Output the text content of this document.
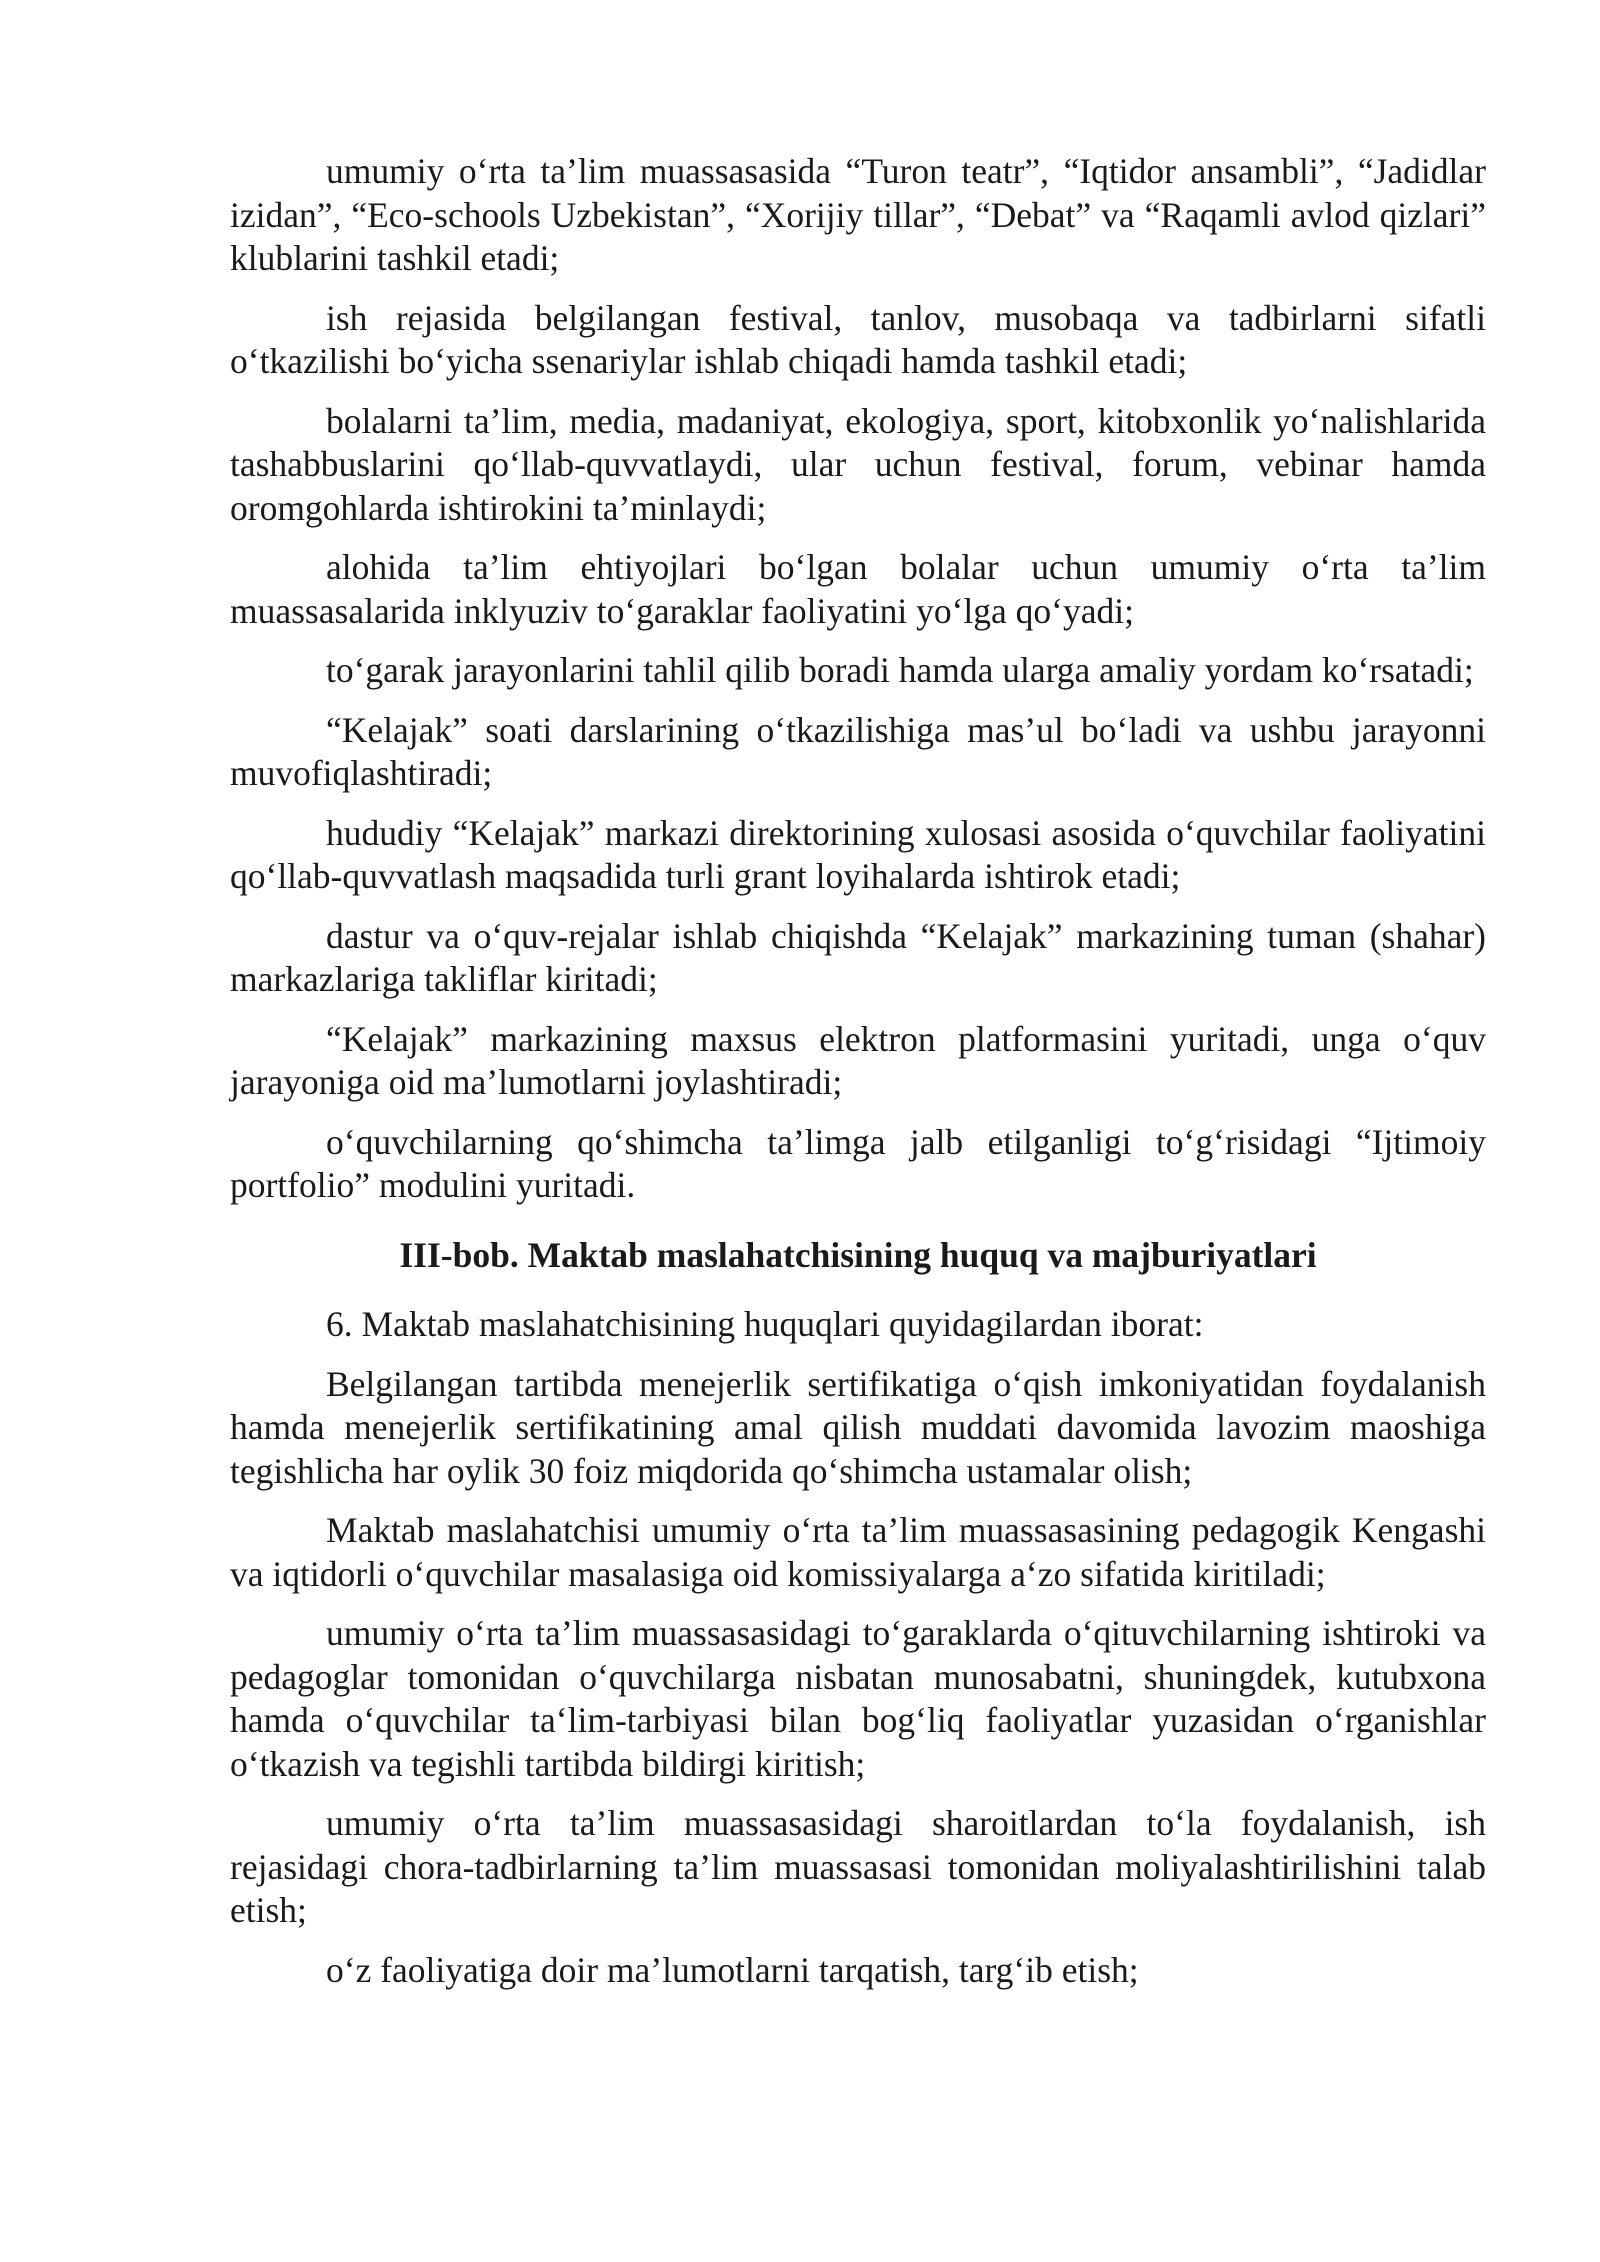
umumiy o‘rta ta’lim muassasasida “Turon teatr”, “Iqtidor ansambli”, “Jadidlar izidan”, “Eco-schools Uzbekistan”, “Xorijiy tillar”, “Debat” va “Raqamli avlod qizlari” klublarini tashkil etadi;

ish rejasida belgilangan festival, tanlov, musobaqa va tadbirlarni sifatli o‘tkazilishi bo‘yicha ssenariylar ishlab chiqadi hamda tashkil etadi;

bolalarni ta’lim, media, madaniyat, ekologiya, sport, kitobxonlik yo‘nalishlarida tashabbuslarini qo‘llab-quvvatlaydi, ular uchun festival, forum, vebinar hamda oromgohlarda ishtirokini ta’minlaydi;

alohida ta’lim ehtiyojlari bo‘lgan bolalar uchun umumiy o‘rta ta’lim muassasalarida inklyuziv to‘garaklar faoliyatini yo‘lga qo‘yadi;

to‘garak jarayonlarini tahlil qilib boradi hamda ularga amaliy yordam ko‘rsatadi;

“Kelajak” soati darslarining o‘tkazilishiga mas’ul bo‘ladi va ushbu jarayonni muvofiqlashtiradi;

hududiy “Kelajak” markazi direktorining xulosasi asosida o‘quvchilar faoliyatini qo‘llab-quvvatlash maqsadida turli grant loyihalarda ishtirok etadi;

dastur va o‘quv-rejalar ishlab chiqishda “Kelajak” markazining tuman (shahar) markazlariga takliflar kiritadi;

“Kelajak” markazining maxsus elektron platformasini yuritadi, unga o‘quv jarayoniga oid ma’lumotlarni joylashtiradi;

o‘quvchilarning qo‘shimcha ta’limga jalb etilganligi to‘g‘risidagi “Ijtimoiy portfolio” modulini yuritadi.

III-bob. Maktab maslahatchisining huquq va majburiyatlari

6. Maktab maslahatchisining huquqlari quyidagilardan iborat:

Belgilangan tartibda menejerlik sertifikatiga o‘qish imkoniyatidan foydalanish hamda menejerlik sertifikatining amal qilish muddati davomida lavozim maoshiga tegishlicha har oylik 30 foiz miqdorida qo‘shimcha ustamalar olish;

Maktab maslahatchisi umumiy o‘rta ta’lim muassasasining pedagogik Kengashi va iqtidorli o‘quvchilar masalasiga oid komissiyalarga a‘zo sifatida kiritiladi;

umumiy o‘rta ta’lim muassasasidagi to‘garaklarda o‘qituvchilarning ishtiroki va pedagoglar tomonidan o‘quvchilarga nisbatan munosabatni, shuningdek, kutubxona hamda o‘quvchilar ta‘lim-tarbiyasi bilan bog‘liq faoliyatlar yuzasidan o‘rganishlar o‘tkazish va tegishli tartibda bildirgi kiritish;

umumiy o‘rta ta’lim muassasasidagi sharoitlardan to‘la foydalanish, ish rejasidagi chora-tadbirlarning ta’lim muassasasi tomonidan moliyalashtirilishini talab etish;

o‘z faoliyatiga doir ma’lumotlarni tarqatish, targ‘ib etish;
